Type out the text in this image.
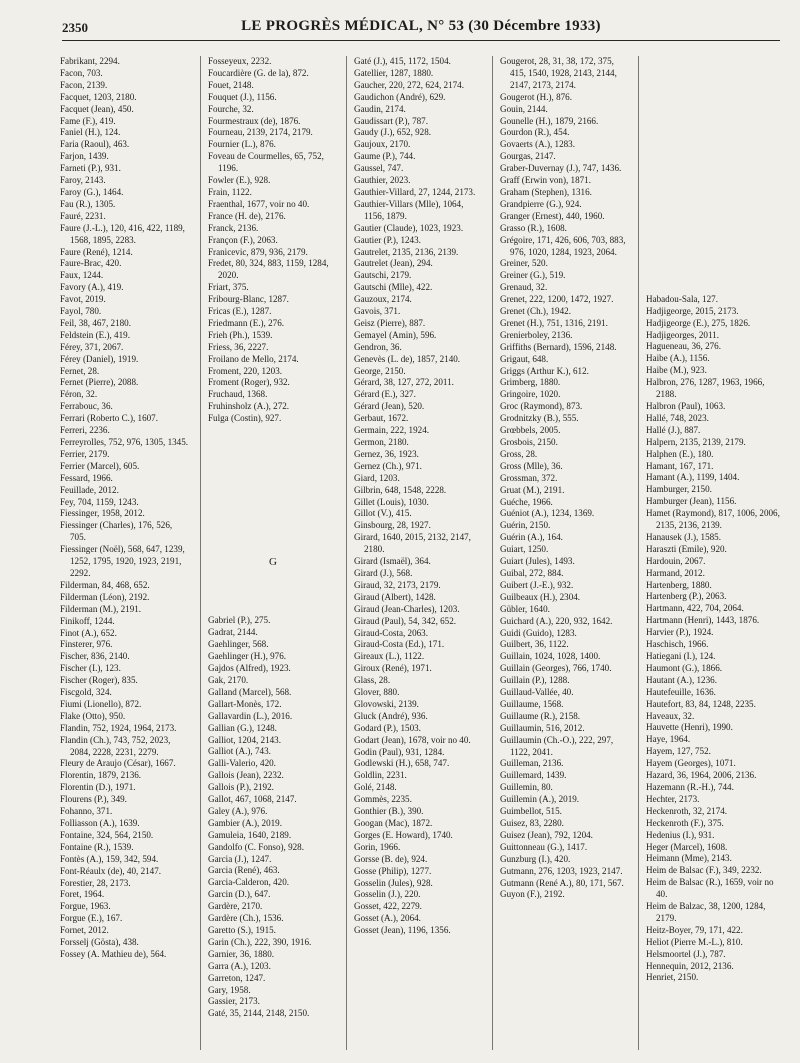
2350	LE PROGRÈS MÉDICAL, N° 53 (30 Décembre 1933)
Fabrikant, 2294.
Facon, 703.
Facon, 2139.
Facquet, 1203, 2180.
Facquet (Jean), 450.
Fame (F.), 419.
Faniel (H.), 124.
Faria (Raoul), 463.
Farjon, 1439.
Farneti (P.), 931.
Faroy, 2143.
Faroy (G.), 1464.
Fau (R.), 1305.
Fauré, 2231.
Faure (J.-L.), 120, 416, 422, 1189, 1568, 1895, 2283.
Faure (René), 1214.
Faure-Brac, 420.
Faux, 1244.
Favory (A.), 419.
Favot, 2019.
Fayol, 780.
Feil, 38, 467, 2180.
Feldstein (E.), 419.
Férey, 371, 2067.
Férey (Daniel), 1919.
Fernet, 28.
Fernet (Pierre), 2088.
Féron, 32.
Ferrabouc, 36.
Ferrari (Roberto C.), 1607.
Ferreri, 2236.
Ferreyrolles, 752, 976, 1305, 1345.
Ferrier, 2179.
Ferrier (Marcel), 605.
Fessard, 1966.
Feuillade, 2012.
Fey, 704, 1159, 1243.
Fiessinger, 1958, 2012.
Fiessinger (Charles), 176, 526, 705.
Fiessinger (Noël), 568, 647, 1239, 1252, 1795, 1920, 1923, 2191, 2292.
Filderman, 84, 468, 652.
Filderman (Léon), 2192.
Filderman (M.), 2191.
Finikoff, 1244.
Finot (A.), 652.
Finsterer, 976.
Fischer, 836, 2140.
Fischer (I.), 123.
Fischer (Roger), 835.
Fiscgold, 324.
Fiumi (Lionello), 872.
Flake (Otto), 950.
Flandin, 752, 1924, 1964, 2173.
Flandin (Ch.), 743, 752, 2023, 2084, 2228, 2231, 2279.
Fleury de Araujo (César), 1667.
Florentin, 1879, 2136.
Florentin (D.), 1971.
Flourens (P.), 349.
Fohanno, 371.
Folliasson (A.), 1639.
Fontaine, 324, 564, 2150.
Fontaine (R.), 1539.
Fontès (A.), 159, 342, 594.
Font-Réaulx (de), 40, 2147.
Forestier, 28, 2173.
Foret, 1964.
Forgue, 1963.
Forgue (E.), 167.
Fornet, 2012.
Forsselj (Gösta), 438.
Fossey (A. Mathieu de), 564.
Fosseyeux, 2232.
Foucardière (G. de la), 872.
Fouet, 2148.
Fouquet (J.), 1156.
Fourche, 32.
Fourmestraux (de), 1876.
Fourneau, 2139, 2174, 2179.
Fournier (L.), 876.
Foveau de Courmelles, 65, 752, 1196.
Fowler (E.), 928.
Frain, 1122.
Fraenthal, 1677, voir no 40.
France (H. de), 2176.
Franck, 2136.
Françon (F.), 2063.
Franicevic, 879, 936, 2179.
Fredet, 80, 324, 883, 1159, 1284, 2020.
Friart, 375.
Fribourg-Blanc, 1287.
Fricas (E.), 1287.
Friedmann (E.), 276.
Frieh (Ph.), 1539.
Friess, 36, 2227.
Froilano de Mello, 2174.
Froment, 220, 1203.
Froment (Roger), 932.
Fruchaud, 1368.
Fruhinsholz (A.), 272.
Fulga (Costin), 927.
G
Gabriel (P.), 275.
Gadrat, 2144.
Gaehlinger, 568.
Gaehlinger (H.), 976.
Gajdos (Alfred), 1923.
Gak, 2170.
Galland (Marcel), 568.
Gallart-Monès, 172.
Gallavardin (L.), 2016.
Gallian (G.), 1248.
Galliot, 1204, 2143.
Galliot (A.), 743.
Galli-Valerio, 420.
Gallois (Jean), 2232.
Gallois (P.), 2192.
Gallot, 467, 1068, 2147.
Galey (A.), 976.
Gambier (A.), 2019.
Gamuleia, 1640, 2189.
Gandolfo (C. Fonso), 928.
Garcia (J.), 1247.
Garcia (René), 463.
Garcia-Calderon, 420.
Garcin (D.), 647.
Gardère, 2170.
Gardère (Ch.), 1536.
Garetto (S.), 1915.
Garin (Ch.), 222, 390, 1916.
Garnier, 36, 1880.
Garra (A.), 1203.
Garreton, 1247.
Gary, 1958.
Gassier, 2173.
Gaté, 35, 2144, 2148, 2150.
Gaté (J.), 415, 1172, 1504.
Gatellier, 1287, 1880.
Gaucher, 220, 272, 624, 2174.
Gaudichon (André), 629.
Gaudin, 2174.
Gaudissart (P.), 787.
Gaudy (J.), 652, 928.
Gaujoux, 2170.
Gaume (P.), 744.
Gaussel, 747.
Gauthier, 2023.
Gauthier-Villard, 27, 1244, 2173.
Gauthier-Villars (Mlle), 1064, 1156, 1879.
Gautier (Claude), 1023, 1923.
Gautier (P.), 1243.
Gautrelet, 2135, 2136, 2139.
Gautrelet (Jean), 294.
Gautschi, 2179.
Gautschi (Mlle), 422.
Gauzoux, 2174.
Gavois, 371.
Geisz (Pierre), 887.
Gemayel (Amin), 596.
Gendron, 36.
Genevès (L. de), 1857, 2140.
George, 2150.
Gérard, 38, 127, 272, 2011.
Gérard (E.), 327.
Gérard (Jean), 520.
Gerbaut, 1672.
Germain, 222, 1924.
Germon, 2180.
Gernez, 36, 1923.
Gernez (Ch.), 971.
Giard, 1203.
Gilbrin, 648, 1548, 2228.
Gillet (Louis), 1030.
Gillot (V.), 415.
Ginsbourg, 28, 1927.
Girard, 1640, 2015, 2132, 2147, 2180.
Girard (Ismaël), 364.
Girard (J.), 568.
Giraud, 32, 2173, 2179.
Giraud (Albert), 1428.
Giraud (Jean-Charles), 1203.
Giraud (Paul), 54, 342, 652.
Giraud-Costa, 2063.
Giraud-Costa (Ed.), 171.
Gireaux (L.), 1122.
Giroux (René), 1971.
Glass, 28.
Glover, 880.
Glovowski, 2139.
Gluck (André), 936.
Godard (P.), 1503.
Godart (Jean), 1678, voir no 40.
Godin (Paul), 931, 1284.
Godlewski (H.), 658, 747.
Goldlin, 2231.
Golé, 2148.
Gommès, 2235.
Gonthier (B.), 390.
Googan (Mac), 1872.
Gorges (E. Howard), 1740.
Gorin, 1966.
Gorsse (B. de), 924.
Gosse (Philip), 1277.
Gosselin (Jules), 928.
Gosselin (J.), 220.
Gosset, 422, 2279.
Gosset (A.), 2064.
Gosset (Jean), 1196, 1356.
Gougerot, 28, 31, 38, 172, 375, 415, 1540, 1928, 2143, 2144, 2147, 2173, 2174.
Gougerot (H.), 876.
Gouin, 2144.
Gounelle (H.), 1879, 2166.
Gourdon (R.), 454.
Govaerts (A.), 1283.
Gourgas, 2147.
Graber-Duvernay (J.), 747, 1436.
Graff (Erwin von), 1871.
Graham (Stephen), 1316.
Grandpierre (G.), 924.
Granger (Ernest), 440, 1960.
Grasso (R.), 1608.
Grégoire, 171, 426, 606, 703, 883, 976, 1020, 1284, 1923, 2064.
Greiner, 520.
Greiner (G.), 519.
Grenaud, 32.
Grenet, 222, 1200, 1472, 1927.
Grenet (Ch.), 1942.
Grenet (H.), 751, 1316, 2191.
Grenierboley, 2136.
Griffiths (Bernard), 1596, 2148.
Grigaut, 648.
Griggs (Arthur K.), 612.
Grimberg, 1880.
Gringoire, 1020.
Groc (Raymond), 873.
Grodnitzky (B.), 555.
Grœbbels, 2005.
Grosbois, 2150.
Gross, 28.
Gross (Mlle), 36.
Grossman, 372.
Gruat (M.), 2191.
Guéche, 1966.
Guéniot (A.), 1234, 1369.
Guérin, 2150.
Guérin (A.), 164.
Guiart, 1250.
Guiart (Jules), 1493.
Guibal, 272, 884.
Guibert (J.-E.), 932.
Guilbeaux (H.), 2304.
Gübler, 1640.
Guichard (A.), 220, 932, 1642.
Guidi (Guido), 1283.
Guilbert, 36, 1122.
Guillain, 1024, 1028, 1400.
Guillain (Georges), 766, 1740.
Guillain (P.), 1288.
Guillaud-Vallée, 40.
Guillaume, 1568.
Guillaume (R.), 2158.
Guillaumin, 516, 2012.
Guillaumin (Ch.-O.), 222, 297, 1122, 2041.
Guilleman, 2136.
Guillemard, 1439.
Guillemin, 80.
Guillemin (A.), 2019.
Guimbellot, 515.
Guisez, 83, 2280.
Guisez (Jean), 792, 1204.
Guittonneau (G.), 1417.
Gunzburg (I.), 420.
Gutmann, 276, 1203, 1923, 2147.
Gutmann (René A.), 80, 171, 567.
Guyon (F.), 2192.
Habadou-Sala, 127.
Hadjigeorge, 2015, 2173.
Hadjigeorge (E.), 275, 1826.
Hadjigeorges, 2011.
Hagueneau, 36, 276.
Haibe (A.), 1156.
Haibe (M.), 923.
Halbron, 276, 1287, 1963, 1966, 2188.
Halbron (Paul), 1063.
Hallé, 748, 2023.
Hallé (J.), 887.
Halpern, 2135, 2139, 2179.
Halphen (E.), 180.
Hamant, 167, 171.
Hamant (A.), 1199, 1404.
Hamburger, 2150.
Hamburger (Jean), 1156.
Hamet (Raymond), 817, 1006, 2006, 2135, 2136, 2139.
Hanausek (J.), 1585.
Haraszti (Emile), 920.
Hardouin, 2067.
Harmand, 2012.
Hartenberg, 1880.
Hartenberg (P.), 2063.
Hartmann, 422, 704, 2064.
Hartmann (Henri), 1443, 1876.
Harvier (P.), 1924.
Haschisch, 1966.
Hatiegani (I.), 124.
Haumont (G.), 1866.
Hautant (A.), 1236.
Hautefeuille, 1636.
Hautefort, 83, 84, 1248, 2235.
Haveaux, 32.
Hauvette (Henri), 1990.
Haye, 1964.
Hayem, 127, 752.
Hayem (Georges), 1071.
Hazard, 36, 1964, 2006, 2136.
Hazemann (R.-H.), 744.
Hechter, 2173.
Heckenroth, 32, 2174.
Heckenroth (F.), 375.
Hedenius (I.), 931.
Heger (Marcel), 1608.
Heimann (Mme), 2143.
Heim de Balsac (F.), 349, 2232.
Heim de Balsac (R.), 1659, voir no 40.
Heim de Balzac, 38, 1200, 1284, 2179.
Heitz-Boyer, 79, 171, 422.
Heliot (Pierre M.-L.), 810.
Helsmoortel (J.), 787.
Hennequin, 2012, 2136.
Henriet, 2150.
